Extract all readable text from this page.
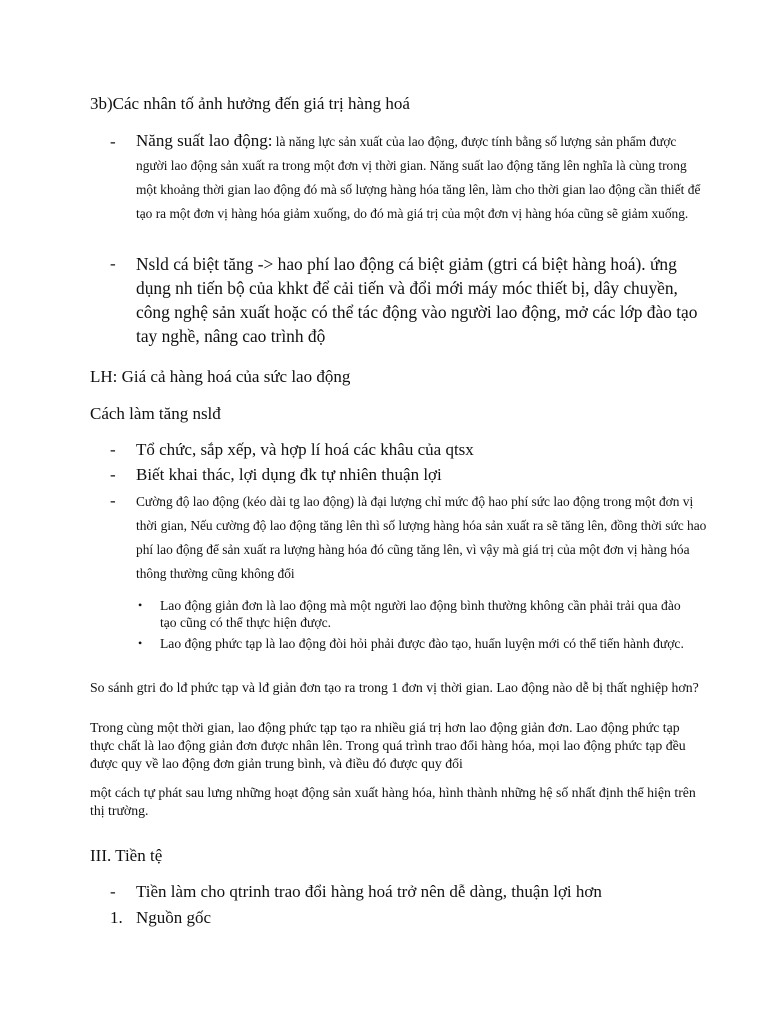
3b)Các nhân tố ảnh hưởng đến giá trị hàng hoá
- Năng suất lao động: là năng lực sản xuất của lao động, được tính bằng số lượng sản phẩm được người lao động sản xuất ra trong một đơn vị thời gian. Năng suất lao động tăng lên nghĩa là cùng trong một khoảng thời gian lao động đó mà số lượng hàng hóa tăng lên, làm cho thời gian lao động cần thiết để tạo ra một đơn vị hàng hóa giảm xuống, do đó mà giá trị của một đơn vị hàng hóa cũng sẽ giảm xuống.
- Nsld cá biệt tăng -> hao phí lao động cá biệt giảm (gtri cá biệt hàng hoá). ứng dụng nh tiến bộ của khkt để cải tiến và đổi mới máy móc thiết bị, dây chuyền, công nghệ sản xuất hoặc có thể tác động vào người lao động, mở các lớp đào tạo tay nghề, nâng cao trình độ
LH: Giá cả hàng hoá của sức lao động
Cách làm tăng nslđ
- Tổ chức, sắp xếp, và hợp lí hoá các khâu của qtsx
- Biết khai thác, lợi dụng đk tự nhiên thuận lợi
- Cường độ lao động (kéo dài tg lao động) là đại lượng chỉ mức độ hao phí sức lao động trong một đơn vị thời gian, Nếu cường độ lao động tăng lên thì số lượng hàng hóa sản xuất ra sẽ tăng lên, đồng thời sức hao phí lao động để sản xuất ra lượng hàng hóa đó cũng tăng lên, vì vậy mà giá trị của một đơn vị hàng hóa thông thường cũng không đổi
• Lao động giản đơn là lao động mà một người lao động bình thường không cần phải trải qua đào tạo cũng có thể thực hiện được.
• Lao động phức tạp là lao động đòi hỏi phải được đào tạo, huấn luyện mới có thể tiến hành được.
So sánh gtri đo lđ phức tạp và lđ giản đơn tạo ra trong 1 đơn vị thời gian. Lao động nào dễ bị thất nghiệp hơn?
Trong cùng một thời gian, lao động phức tạp tạo ra nhiều giá trị hơn lao động giản đơn. Lao động phức tạp thực chất là lao động giản đơn được nhân lên. Trong quá trình trao đổi hàng hóa, mọi lao động phức tạp đều được quy về lao động đơn giản trung bình, và điều đó được quy đổi
một cách tự phát sau lưng những hoạt động sản xuất hàng hóa, hình thành những hệ số nhất định thể hiện trên thị trường.
III. Tiền tệ
- Tiền làm cho qtrinh trao đổi hàng hoá trở nên dễ dàng, thuận lợi hơn
1. Nguồn gốc
